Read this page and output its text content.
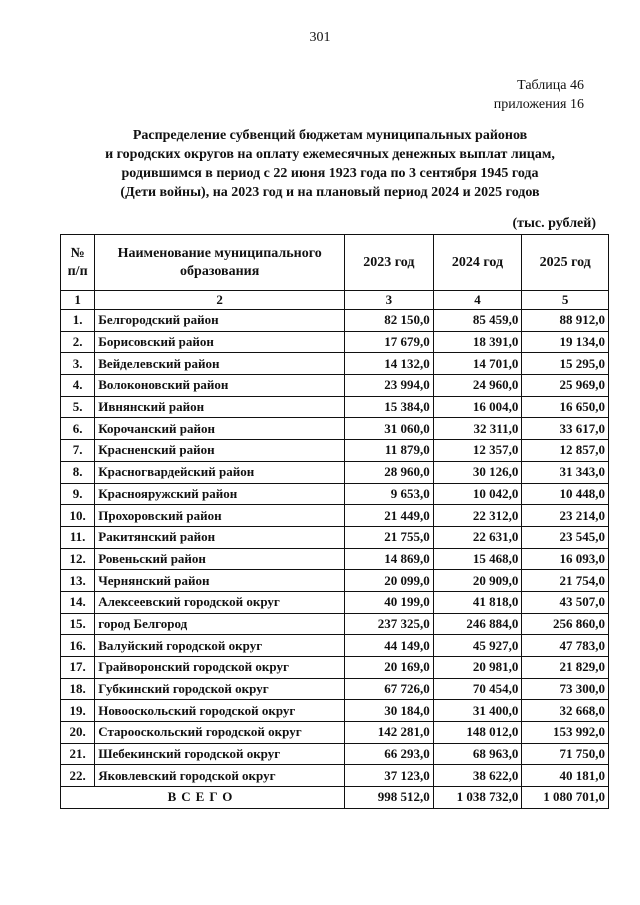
301
Таблица 46
приложения 16
Распределение субвенций бюджетам муниципальных районов
и городских округов на оплату ежемесячных денежных выплат лицам,
родившимся в период с 22 июня 1923 года по 3 сентября 1945 года
(Дети войны), на 2023 год и на плановый период 2024 и 2025 годов
(тыс. рублей)
№ п/п	Наименование муниципального образования	2023 год	2024 год	2025 год
1	2	3	4	5
1.	Белгородский район	82 150,0	85 459,0	88 912,0
2.	Борисовский район	17 679,0	18 391,0	19 134,0
3.	Вейделевский район	14 132,0	14 701,0	15 295,0
4.	Волоконовский район	23 994,0	24 960,0	25 969,0
5.	Ивнянский район	15 384,0	16 004,0	16 650,0
6.	Корочанский район	31 060,0	32 311,0	33 617,0
7.	Красненский район	11 879,0	12 357,0	12 857,0
8.	Красногвардейский район	28 960,0	30 126,0	31 343,0
9.	Краснояружский район	9 653,0	10 042,0	10 448,0
10.	Прохоровский район	21 449,0	22 312,0	23 214,0
11.	Ракитянский район	21 755,0	22 631,0	23 545,0
12.	Ровеньский район	14 869,0	15 468,0	16 093,0
13.	Чернянский район	20 099,0	20 909,0	21 754,0
14.	Алексеевский городской округ	40 199,0	41 818,0	43 507,0
15.	город Белгород	237 325,0	246 884,0	256 860,0
16.	Валуйский городской округ	44 149,0	45 927,0	47 783,0
17.	Грайворонский городской округ	20 169,0	20 981,0	21 829,0
18.	Губкинский городской округ	67 726,0	70 454,0	73 300,0
19.	Новооскольский городской округ	30 184,0	31 400,0	32 668,0
20.	Старооскольский городской округ	142 281,0	148 012,0	153 992,0
21.	Шебекинский городской округ	66 293,0	68 963,0	71 750,0
22.	Яковлевский городской округ	37 123,0	38 622,0	40 181,0
ВСЕГО		998 512,0	1 038 732,0	1 080 701,0
